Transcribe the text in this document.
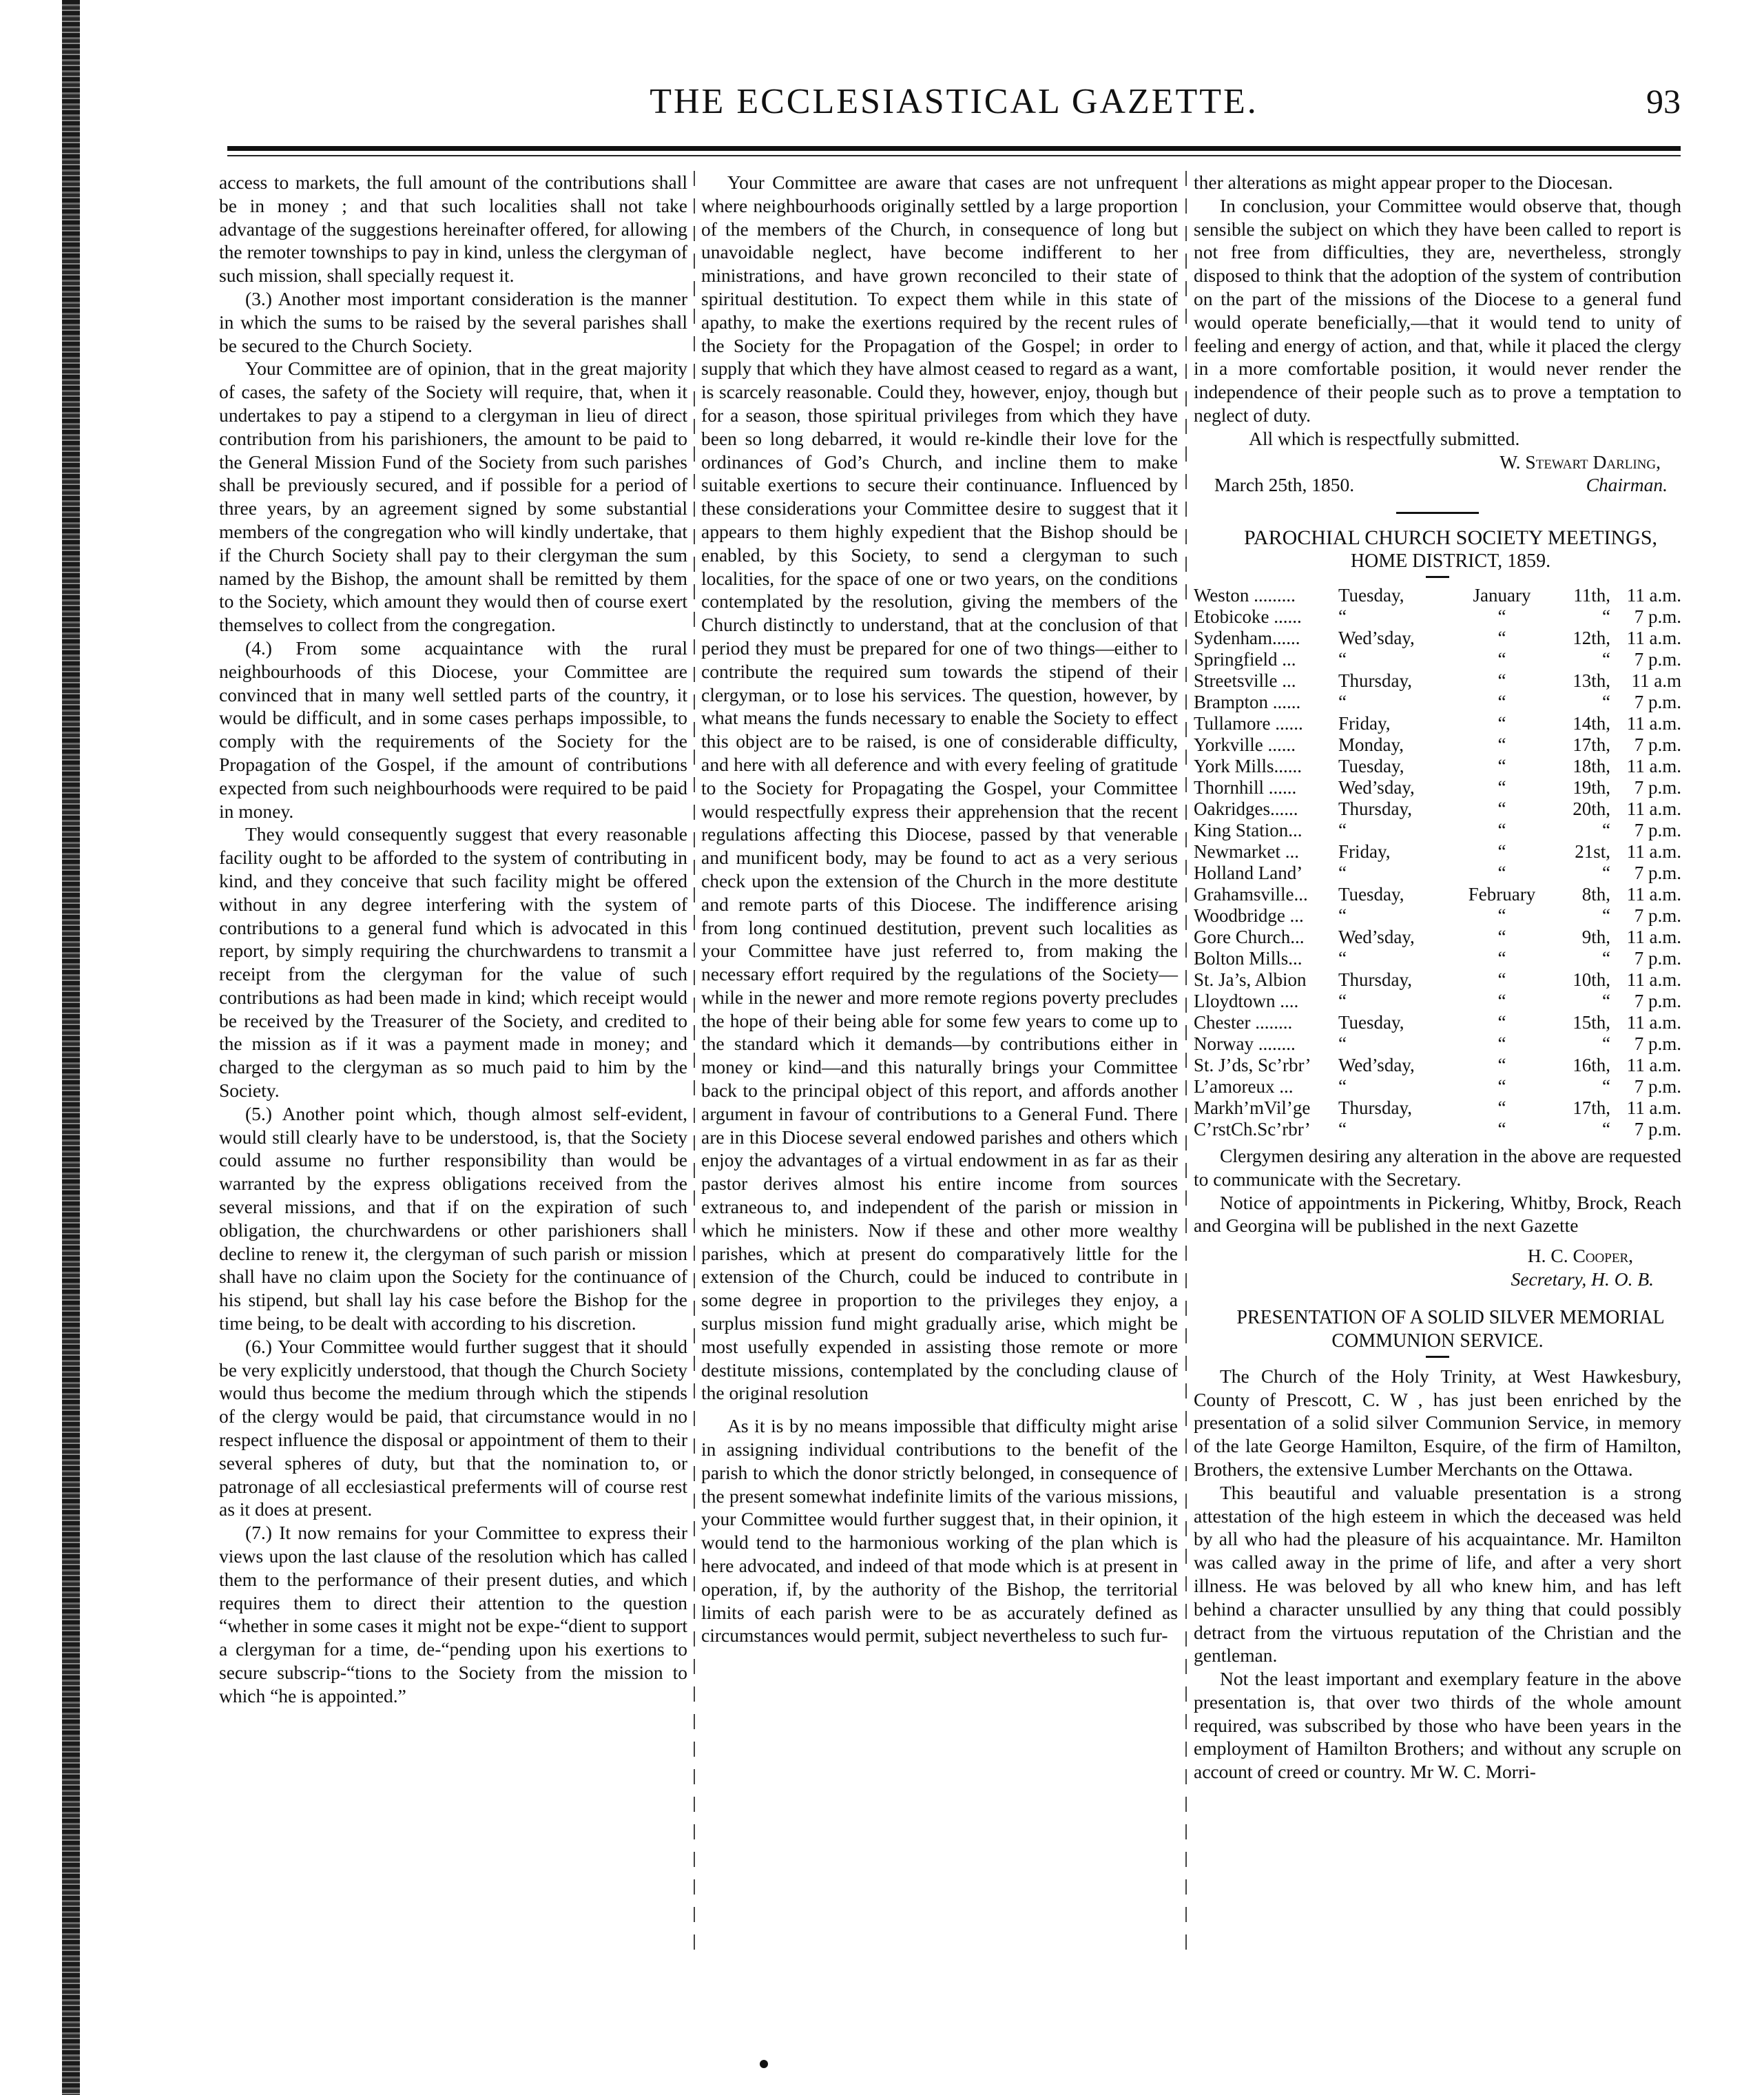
THE ECCLESIASTICAL GAZETTE.	93

access to markets, the full amount of the contributions shall be in money ; and that such localities shall not take advantage of the suggestions hereinafter offered, for allowing the remoter townships to pay in kind, unless the clergyman of such mission, shall specially request it.

(3.) Another most important consideration is the manner in which the sums to be raised by the several parishes shall be secured to the Church Society.

Your Committee are of opinion, that in the great majority of cases, the safety of the Society will require, that, when it undertakes to pay a stipend to a clergyman in lieu of direct contribution from his parishioners, the amount to be paid to the General Mission Fund of the Society from such parishes shall be previously secured, and if possible for a period of three years, by an agreement signed by some substantial members of the congregation who will kindly undertake, that if the Church Society shall pay to their clergyman the sum named by the Bishop, the amount shall be remitted by them to the Society, which amount they would then of course exert themselves to collect from the congregation.

(4.) From some acquaintance with the rural neighbourhoods of this Diocese, your Committee are convinced that in many well settled parts of the country, it would be difficult, and in some cases perhaps impossible, to comply with the requirements of the Society for the Propagation of the Gospel, if the amount of contributions expected from such neighbourhoods were required to be paid in money.

They would consequently suggest that every reasonable facility ought to be afforded to the system of contributing in kind, and they conceive that such facility might be offered without in any degree interfering with the system of contributions to a general fund which is advocated in this report, by simply requiring the churchwardens to transmit a receipt from the clergyman for the value of such contributions as had been made in kind; which receipt would be received by the Treasurer of the Society, and credited to the mission as if it was a payment made in money; and charged to the clergyman as so much paid to him by the Society.

(5.) Another point which, though almost self-evident, would still clearly have to be understood, is, that the Society could assume no further responsibility than would be warranted by the express obligations received from the several missions, and that if on the expiration of such obligation, the churchwardens or other parishioners shall decline to renew it, the clergyman of such parish or mission shall have no claim upon the Society for the continuance of his stipend, but shall lay his case before the Bishop for the time being, to be dealt with according to his discretion.

(6.) Your Committee would further suggest that it should be very explicitly understood, that though the Church Society would thus become the medium through which the stipends of the clergy would be paid, that circumstance would in no respect influence the disposal or appointment of them to their several spheres of duty, but that the nomination to, or patronage of all ecclesiastical preferments will of course rest as it does at present.

(7.) It now remains for your Committee to express their views upon the last clause of the resolution which has called them to the performance of their present duties, and which requires them to direct their attention to the question “whether in some cases it might not be expe-“dient to support a clergyman for a time, de-“pending upon his exertions to secure subscrip-“tions to the Society from the mission to which “he is appointed.”

Your Committee are aware that cases are not unfrequent where neighbourhoods originally settled by a large proportion of the members of the Church, in consequence of long but unavoidable neglect, have become indifferent to her ministrations, and have grown reconciled to their state of spiritual destitution. To expect them while in this state of apathy, to make the exertions required by the recent rules of the Society for the Propagation of the Gospel; in order to supply that which they have almost ceased to regard as a want, is scarcely reasonable. Could they, however, enjoy, though but for a season, those spiritual privileges from which they have been so long debarred, it would re-kindle their love for the ordinances of God’s Church, and incline them to make suitable exertions to secure their continuance. Influenced by these considerations your Committee desire to suggest that it appears to them highly expedient that the Bishop should be enabled, by this Society, to send a clergyman to such localities, for the space of one or two years, on the conditions contemplated by the resolution, giving the members of the Church distinctly to understand, that at the conclusion of that period they must be prepared for one of two things—either to contribute the required sum towards the stipend of their clergyman, or to lose his services. The question, however, by what means the funds necessary to enable the Society to effect this object are to be raised, is one of considerable difficulty, and here with all deference and with every feeling of gratitude to the Society for Propagating the Gospel, your Committee would respectfully express their apprehension that the recent regulations affecting this Diocese, passed by that venerable and munificent body, may be found to act as a very serious check upon the extension of the Church in the more destitute and remote parts of this Diocese. The indifference arising from long continued destitution, prevent such localities as your Committee have just referred to, from making the necessary effort required by the regulations of the Society—while in the newer and more remote regions poverty precludes the hope of their being able for some few years to come up to the standard which it demands—by contributions either in money or kind—and this naturally brings your Committee back to the principal object of this report, and affords another argument in favour of contributions to a General Fund. There are in this Diocese several endowed parishes and others which enjoy the advantages of a virtual endowment in as far as their pastor derives almost his entire income from sources extraneous to, and independent of the parish or mission in which he ministers. Now if these and other more wealthy parishes, which at present do comparatively little for the extension of the Church, could be induced to contribute in some degree in proportion to the privileges they enjoy, a surplus mission fund might gradually arise, which might be most usefully expended in assisting those remote or more destitute missions, contemplated by the concluding clause of the original resolution

As it is by no means impossible that difficulty might arise in assigning individual contributions to the benefit of the parish to which the donor strictly belonged, in consequence of the present somewhat indefinite limits of the various missions, your Committee would further suggest that, in their opinion, it would tend to the harmonious working of the plan which is here advocated, and indeed of that mode which is at present in operation, if, by the authority of the Bishop, the territorial limits of each parish were to be as accurately defined as circumstances would permit, subject nevertheless to such fur-

ther alterations as might appear proper to the Diocesan.

In conclusion, your Committee would observe that, though sensible the subject on which they have been called to report is not free from difficulties, they are, nevertheless, strongly disposed to think that the adoption of the system of contribution on the part of the missions of the Diocese to a general fund would operate beneficially,—that it would tend to unity of feeling and energy of action, and that, while it placed the clergy in a more comfortable position, it would never render the independence of their people such as to prove a temptation to neglect of duty.

All which is respectfully submitted.

W. Stewart Darling,

March 25th, 1850.	Chairman.

PAROCHIAL CHURCH SOCIETY MEETINGS,

HOME DISTRICT, 1859.

Weston .........	Tuesday,	January	11th,	11 a.m.
Etobicoke ......	“	“	“	7 p.m.
Sydenham......	Wed’sday,	“	12th,	11 a.m.
Springfield ...	“	“	“	7 p.m.
Streetsville ...	Thursday,	“	13th,	11 a.m
Brampton ......	“	“	“	7 p.m.
Tullamore ......	Friday,	“	14th,	11 a.m.
Yorkville ......	Monday,	“	17th,	7 p.m.
York Mills......	Tuesday,	“	18th,	11 a.m.
Thornhill ......	Wed’sday,	“	19th,	7 p.m.
Oakridges......	Thursday,	“	20th,	11 a.m.
King Station...	“	“	“	7 p.m.
Newmarket ...	Friday,	“	21st,	11 a.m.
Holland Land’	“	“	“	7 p.m.
Grahamsville...	Tuesday,	February	8th,	11 a.m.
Woodbridge ...	“	“	“	7 p.m.
Gore Church...	Wed’sday,	“	9th,	11 a.m.
Bolton Mills...	“	“	“	7 p.m.
St. Ja’s, Albion	Thursday,	“	10th,	11 a.m.
Lloydtown ....	“	“	“	7 p.m.
Chester ........	Tuesday,	“	15th,	11 a.m.
Norway ........	“	“	“	7 p.m.
St. J’ds, Sc’rbr’	Wed’sday,	“	16th,	11 a.m.
L’amoreux ...	“	“	“	7 p.m.
Markh’mVil’ge	Thursday,	“	17th,	11 a.m.
C’rstCh.Sc’rbr’	“	“	“	7 p.m.

Clergymen desiring any alteration in the above are requested to communicate with the Secretary.

Notice of appointments in Pickering, Whitby, Brock, Reach and Georgina will be published in the next Gazette

H. C. Cooper,

Secretary, H. O. B.

PRESENTATION OF A SOLID SILVER MEMORIAL COMMUNION SERVICE.

The Church of the Holy Trinity, at West Hawkesbury, County of Prescott, C. W , has just been enriched by the presentation of a solid silver Communion Service, in memory of the late George Hamilton, Esquire, of the firm of Hamilton, Brothers, the extensive Lumber Merchants on the Ottawa.

This beautiful and valuable presentation is a strong attestation of the high esteem in which the deceased was held by all who had the pleasure of his acquaintance. Mr. Hamilton was called away in the prime of life, and after a very short illness. He was beloved by all who knew him, and has left behind a character unsullied by any thing that could possibly detract from the virtuous reputation of the Christian and the gentleman.

Not the least important and exemplary feature in the above presentation is, that over two thirds of the whole amount required, was subscribed by those who have been years in the employment of Hamilton Brothers; and without any scruple on account of creed or country. Mr W. C. Morri-
